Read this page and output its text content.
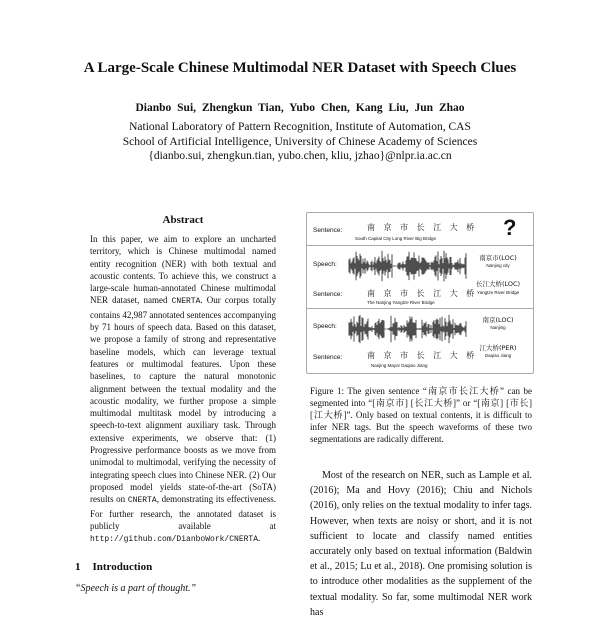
A Large-Scale Chinese Multimodal NER Dataset with Speech Clues
Dianbo Sui, Zhengkun Tian, Yubo Chen, Kang Liu, Jun Zhao
National Laboratory of Pattern Recognition, Institute of Automation, CAS
School of Artificial Intelligence, University of Chinese Academy of Sciences
{dianbo.sui, zhengkun.tian, yubo.chen, kliu, jzhao}@nlpr.ia.ac.cn
Abstract

In this paper, we aim to explore an uncharted territory, which is Chinese multimodal named entity recognition (NER) with both textual and acoustic contents. To achieve this, we construct a large-scale human-annotated Chinese multimodal NER dataset, named CNERTA. Our corpus totally contains 42,987 annotated sentences accompanying by 71 hours of speech data. Based on this dataset, we propose a family of strong and representative baseline models, which can leverage textual features or multimodal features. Upon these baselines, to capture the natural monotonic alignment between the textual modality and the acoustic modality, we further propose a simple multimodal multitask model by introducing a speech-to-text alignment auxiliary task. Through extensive experiments, we observe that: (1) Progressive performance boosts as we move from unimodal to multimodal, verifying the necessity of integrating speech clues into Chinese NER. (2) Our proposed model yields state-of-the-art (SoTA) results on CNERTA, demonstrating its effectiveness. For further research, the annotated dataset is publicly available at http://github.com/DianboWork/CNERTA.

1 Introduction
“Speech is a part of thought.”
Sentence:	南 京 市 长 江 大 桥
South Capital City Long River Big Bridge	?
Speech:
Sentence:	南 京 市 长 江 大 桥
The Nanjing Yangtze River Bridge
南京市(LOC)
Nanjing city
长江大桥(LOC)
Yangtze River Bridge
Speech:
Sentence:	南 京 市 长 江 大 桥
Nanjing Mayor Daqiao Jiang
南京(LOC)
Nanjing
江大桥(PER)
Daqiao Jiang
Figure 1: The given sentence “南京市长江大桥” can be segmented into “[南京市] [长江大桥]” or “[南京] [市长] [江大桥]”. Only based on textual contents, it is difficult to infer NER tags. But the speech waveforms of these two segmentations are radically different.

Most of the research on NER, such as Lample et al. (2016); Ma and Hovy (2016); Chiu and Nichols (2016), only relies on the textual modality to infer tags. However, when texts are noisy or short, and it is not sufficient to locate and classify named entities accurately only based on textual information (Baldwin et al., 2015; Lu et al., 2018). One promising solution is to introduce other modalities as the supplement of the textual modality. So far, some multimodal NER work has
